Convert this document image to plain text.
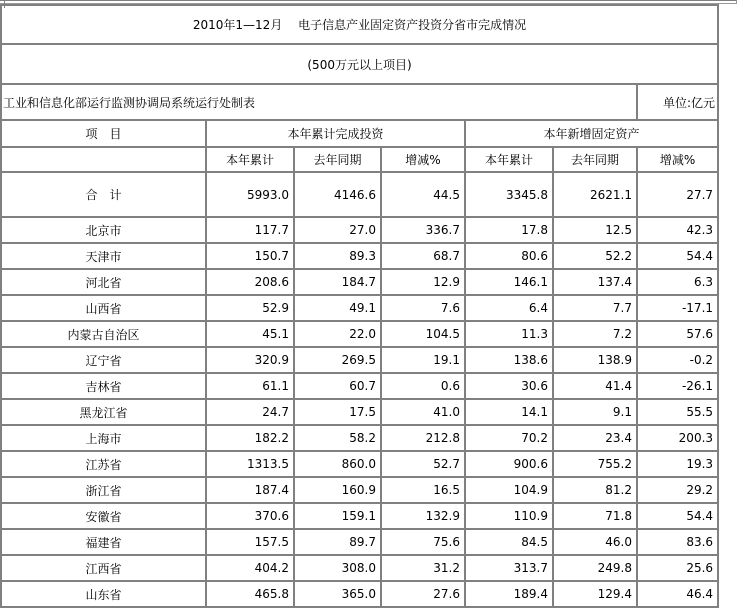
2010年1—12月　 电子信息产业固定资产投资分省市完成情况						
(500万元以上项目)						
工业和信息化部运行监测协调局系统运行处制表						单位:亿元
项　目	本年累计完成投资			本年新增固定资产		
	本年累计	去年同期	增减%	本年累计	去年同期	增减%
合　计	5993.0	4146.6	44.5	3345.8	2621.1	27.7
北京市	117.7	27.0	336.7	17.8	12.5	42.3
天津市	150.7	89.3	68.7	80.6	52.2	54.4
河北省	208.6	184.7	12.9	146.1	137.4	6.3
山西省	52.9	49.1	7.6	6.4	7.7	-17.1
内蒙古自治区	45.1	22.0	104.5	11.3	7.2	57.6
辽宁省	320.9	269.5	19.1	138.6	138.9	-0.2
吉林省	61.1	60.7	0.6	30.6	41.4	-26.1
黑龙江省	24.7	17.5	41.0	14.1	9.1	55.5
上海市	182.2	58.2	212.8	70.2	23.4	200.3
江苏省	1313.5	860.0	52.7	900.6	755.2	19.3
浙江省	187.4	160.9	16.5	104.9	81.2	29.2
安徽省	370.6	159.1	132.9	110.9	71.8	54.4
福建省	157.5	89.7	75.6	84.5	46.0	83.6
江西省	404.2	308.0	31.2	313.7	249.8	25.6
山东省	465.8	365.0	27.6	189.4	129.4	46.4
